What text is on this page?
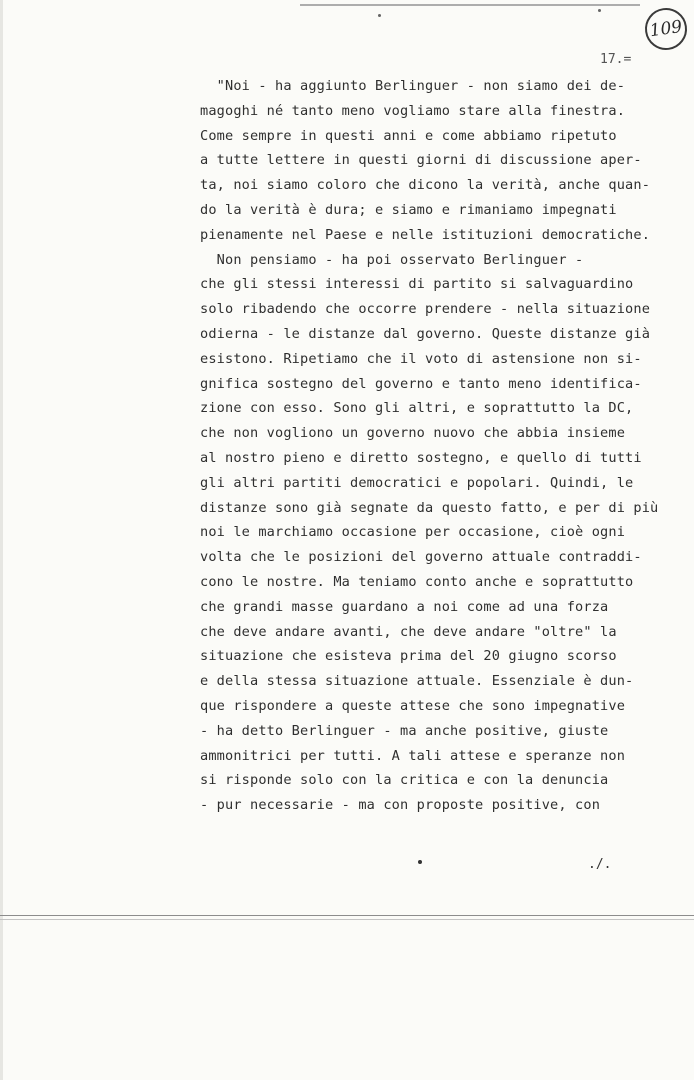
109
17.=
"Noi - ha aggiunto Berlinguer - non siamo dei de-
magoghi né tanto meno vogliamo stare alla finestra.
Come sempre in questi anni e come abbiamo ripetuto
a tutte lettere in questi giorni di discussione aper-
ta, noi siamo coloro che dicono la verità, anche quan-
do la verità è dura; e siamo e rimaniamo impegnati
pienamente nel Paese e nelle istituzioni democratiche.
Non pensiamo - ha poi osservato Berlinguer -
che gli stessi interessi di partito si salvaguardino
solo ribadendo che occorre prendere - nella situazione
odierna - le distanze dal governo. Queste distanze già
esistono. Ripetiamo che il voto di astensione non si-
gnifica sostegno del governo e tanto meno identifica-
zione con esso. Sono gli altri, e soprattutto la DC,
che non vogliono un governo nuovo che abbia insieme
al nostro pieno e diretto sostegno, e quello di tutti
gli altri partiti democratici e popolari. Quindi, le
distanze sono già segnate da questo fatto, e per di più
noi le marchiamo occasione per occasione, cioè ogni
volta che le posizioni del governo attuale contraddi-
cono le nostre. Ma teniamo conto anche e soprattutto
che grandi masse guardano a noi come ad una forza
che deve andare avanti, che deve andare "oltre" la
situazione che esisteva prima del 20 giugno scorso
e della stessa situazione attuale. Essenziale è dun-
que rispondere a queste attese che sono impegnative
- ha detto Berlinguer - ma anche positive, giuste
ammonitrici per tutti. A tali attese e speranze non
si risponde solo con la critica e con la denuncia
- pur necessarie - ma con proposte positive, con
./.
